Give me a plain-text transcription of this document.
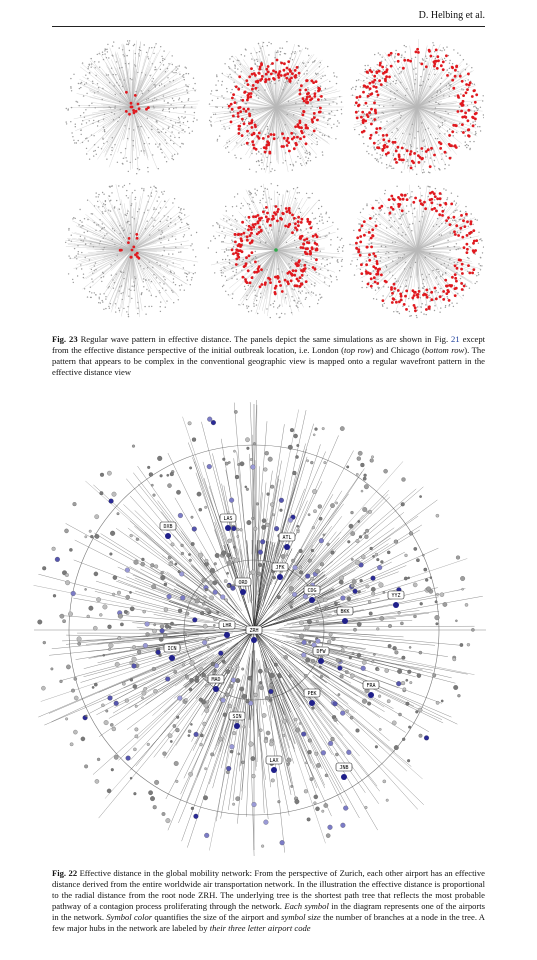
D. Helbing et al.
Fig. 23 Regular wave pattern in effective distance. The panels depict the same simulations as are shown in Fig. 21 except from the effective distance perspective of the initial outbreak location, i.e. London (top row) and Chicago (bottom row). The pattern that appears to be complex in the conventional geographic view is mapped onto a regular wavefront pattern in the effective distance view
ZRH
ATL
ORD
CDG
JFK
DFW
LHR
YYZ
ICN
FRA
MAD
BKK
JNB
PEK
SIN
DXB
LAX
LAS
Fig. 22 Effective distance in the global mobility network: From the perspective of Zurich, each other airport has an effective distance derived from the entire worldwide air transportation network. In the illustration the effective distance is proportional to the radial distance from the root node ZRH. The underlying tree is the shortest path tree that reflects the most probable pathway of a contagion process proliferating through the network. Each symbol in the diagram represents one of the airports in the network. Symbol color quantifies the size of the airport and symbol size the number of branches at a node in the tree. A few major hubs in the network are labeled by their three letter airport code
